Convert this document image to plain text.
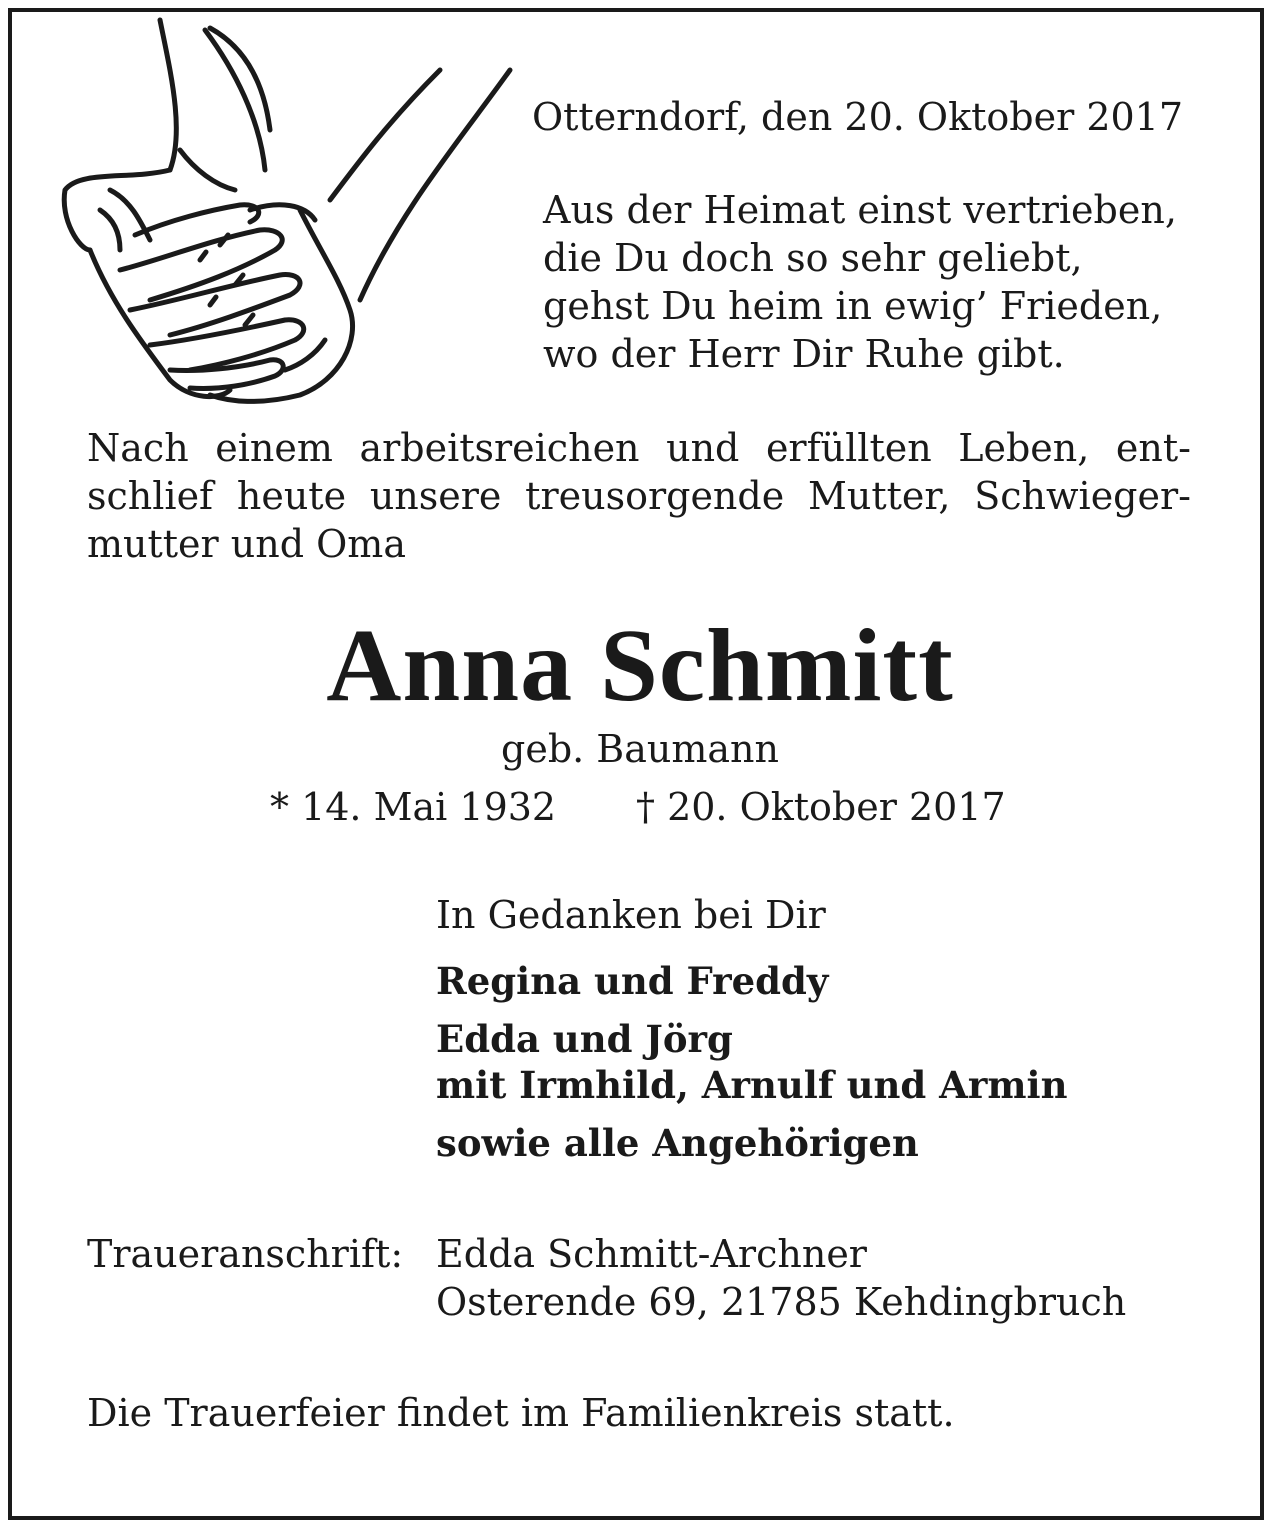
Otterndorf, den 20. Oktober 2017
Aus der Heimat einst vertrieben,
die Du doch so sehr geliebt,
gehst Du heim in ewig’ Frieden,
wo der Herr Dir Ruhe gibt.
Nach einem arbeitsreichen und erfüllten Leben, ent-
schlief heute unsere treusorgende Mutter, Schwieger-
mutter und Oma
Anna Schmitt
geb. Baumann
* 14. Mai 1932 † 20. Oktober 2017
In Gedanken bei Dir
Regina und Freddy
Edda und Jörg
mit Irmhild, Arnulf und Armin
sowie alle Angehörigen
Traueranschrift: Edda Schmitt-Archner
Osterende 69, 21785 Kehdingbruch
Die Trauerfeier findet im Familienkreis statt.
